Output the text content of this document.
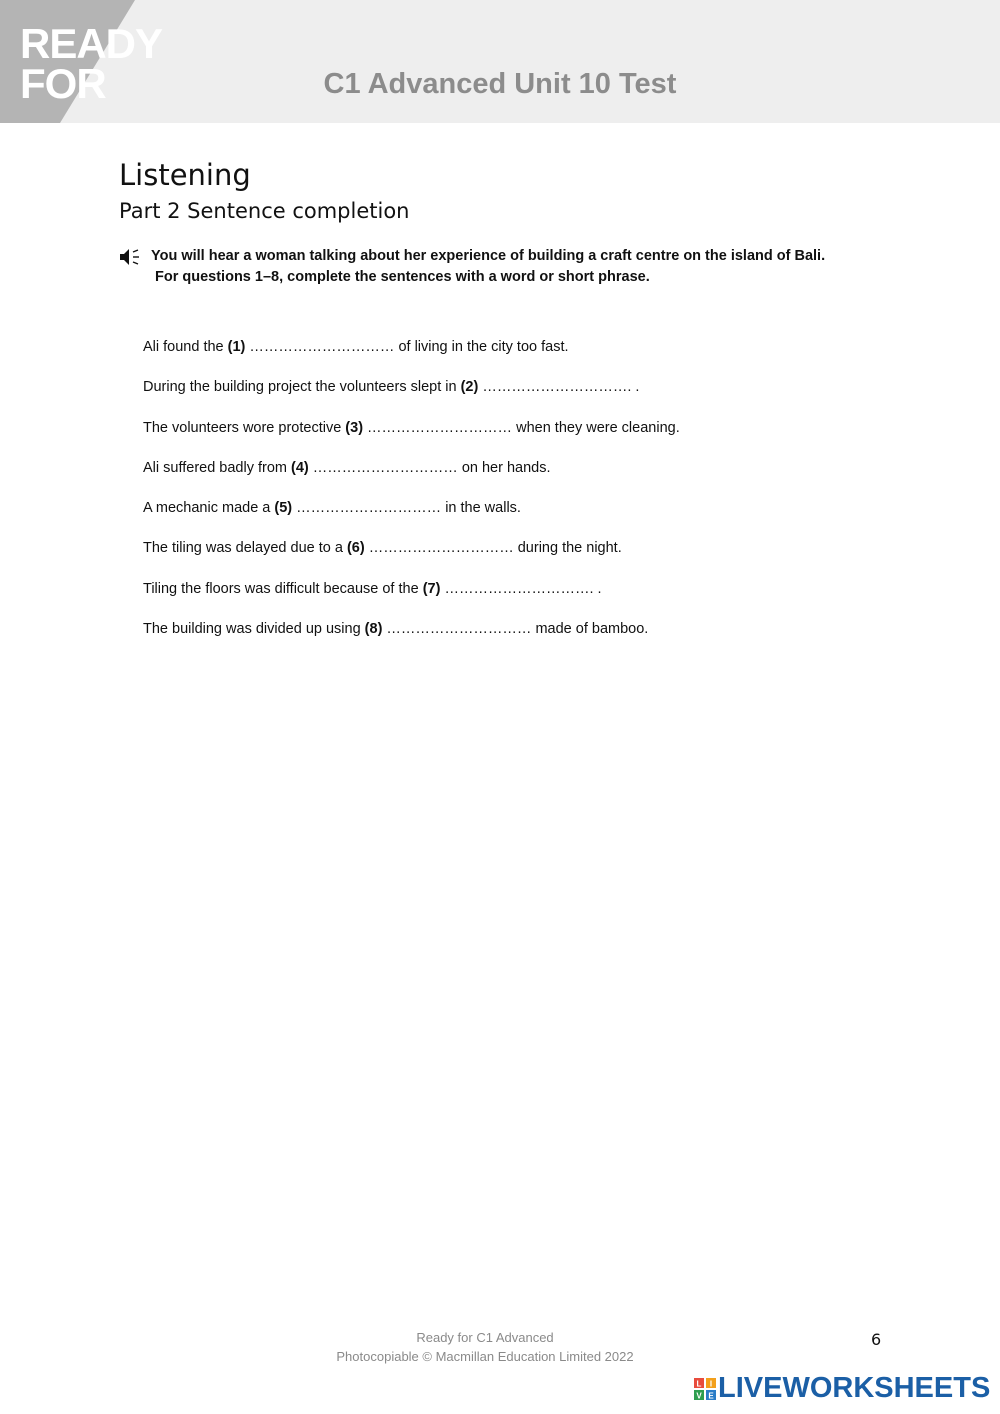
READY
FOR	C1 Advanced Unit 10 Test
Listening
Part 2 Sentence completion
You will hear a woman talking about her experience of building a craft centre on the island of Bali.
For questions 1–8, complete the sentences with a word or short phrase.
Ali found the (1) ………………………… of living in the city too fast.
During the building project the volunteers slept in (2) …………………………. .
The volunteers wore protective (3) ………………………… when they were cleaning.
Ali suffered badly from (4) ………………………… on her hands.
A mechanic made a (5) ………………………… in the walls.
The tiling was delayed due to a (6) ………………………… during the night.
Tiling the floors was difficult because of the (7) …………………………. .
The building was divided up using (8) ………………………… made of bamboo.
Ready for C1 Advanced
Photocopiable © Macmillan Education Limited 2022
6
L I
V E LIVEWORKSHEETS
